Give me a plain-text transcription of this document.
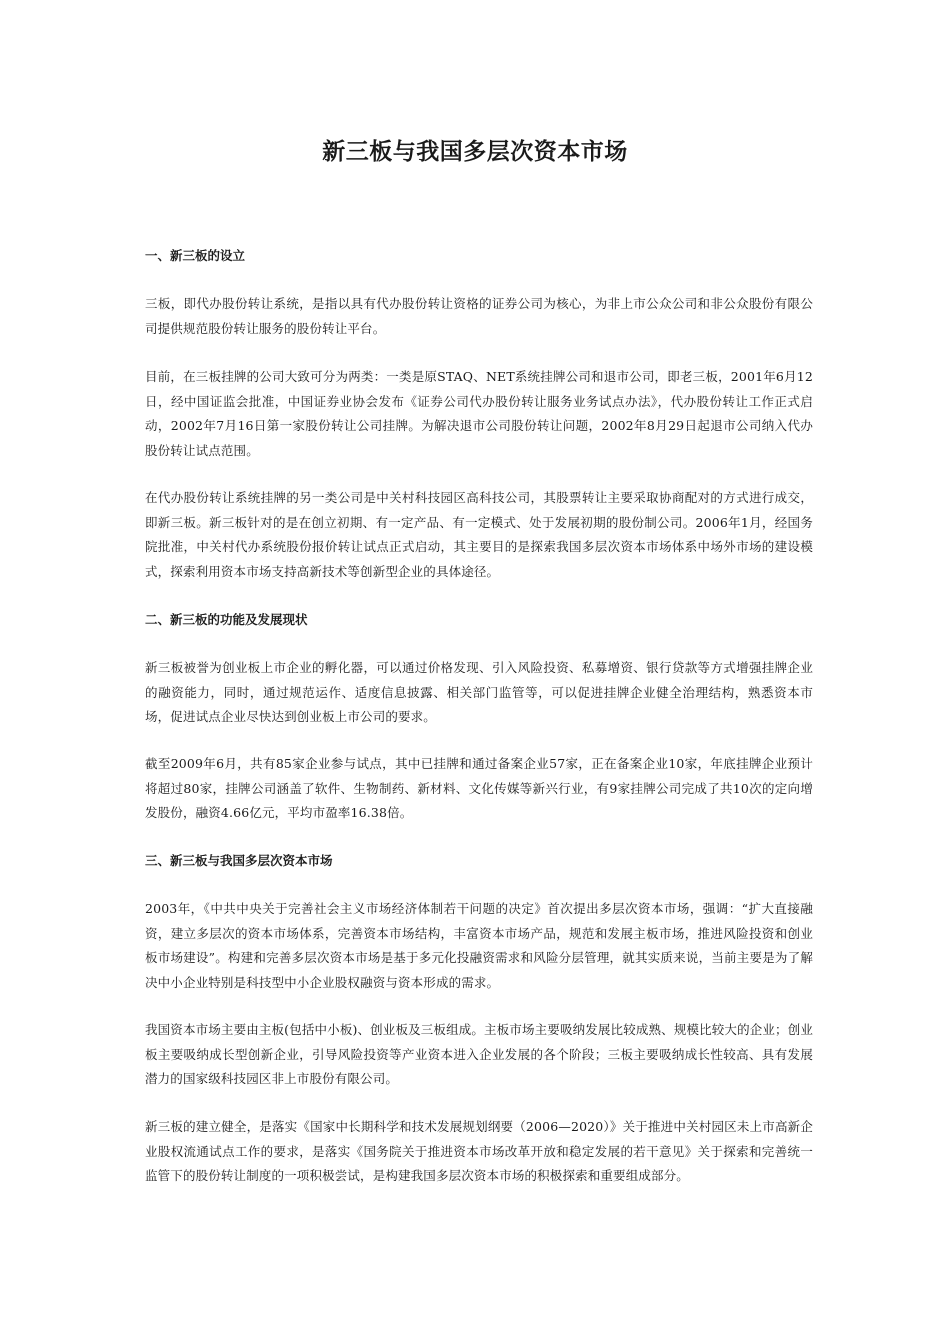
新三板与我国多层次资本市场
一、新三板的设立

三板，即代办股份转让系统，是指以具有代办股份转让资格的证券公司为核心，为非上市公众公司和非公众股份有限公司提供规范股份转让服务的股份转让平台。

目前，在三板挂牌的公司大致可分为两类：一类是原STAQ、NET系统挂牌公司和退市公司，即老三板，2001年6月12日，经中国证监会批准，中国证券业协会发布《证券公司代办股份转让服务业务试点办法》，代办股份转让工作正式启动，2002年7月16日第一家股份转让公司挂牌。为解决退市公司股份转让问题，2002年8月29日起退市公司纳入代办股份转让试点范围。

在代办股份转让系统挂牌的另一类公司是中关村科技园区高科技公司，其股票转让主要采取协商配对的方式进行成交，即新三板。新三板针对的是在创立初期、有一定产品、有一定模式、处于发展初期的股份制公司。2006年1月，经国务院批准，中关村代办系统股份报价转让试点正式启动，其主要目的是探索我国多层次资本市场体系中场外市场的建设模式，探索利用资本市场支持高新技术等创新型企业的具体途径。

二、新三板的功能及发展现状

新三板被誉为创业板上市企业的孵化器，可以通过价格发现、引入风险投资、私募增资、银行贷款等方式增强挂牌企业的融资能力，同时，通过规范运作、适度信息披露、相关部门监管等，可以促进挂牌企业健全治理结构，熟悉资本市场，促进试点企业尽快达到创业板上市公司的要求。

截至2009年6月，共有85家企业参与试点，其中已挂牌和通过备案企业57家，正在备案企业10家，年底挂牌企业预计将超过80家，挂牌公司涵盖了软件、生物制药、新材料、文化传媒等新兴行业，有9家挂牌公司完成了共10次的定向增发股份，融资4.66亿元，平均市盈率16.38倍。

三、新三板与我国多层次资本市场

2003年，《中共中央关于完善社会主义市场经济体制若干问题的决定》首次提出多层次资本市场，强调：“扩大直接融资，建立多层次的资本市场体系，完善资本市场结构，丰富资本市场产品，规范和发展主板市场，推进风险投资和创业板市场建设”。构建和完善多层次资本市场是基于多元化投融资需求和风险分层管理，就其实质来说，当前主要是为了解决中小企业特别是科技型中小企业股权融资与资本形成的需求。

我国资本市场主要由主板(包括中小板)、创业板及三板组成。主板市场主要吸纳发展比较成熟、规模比较大的企业；创业板主要吸纳成长型创新企业，引导风险投资等产业资本进入企业发展的各个阶段；三板主要吸纳成长性较高、具有发展潜力的国家级科技园区非上市股份有限公司。

新三板的建立健全，是落实《国家中长期科学和技术发展规划纲要（2006—2020）》关于推进中关村园区未上市高新企业股权流通试点工作的要求，是落实《国务院关于推进资本市场改革开放和稳定发展的若干意见》关于探索和完善统一监管下的股份转让制度的一项积极尝试，是构建我国多层次资本市场的积极探索和重要组成部分。
